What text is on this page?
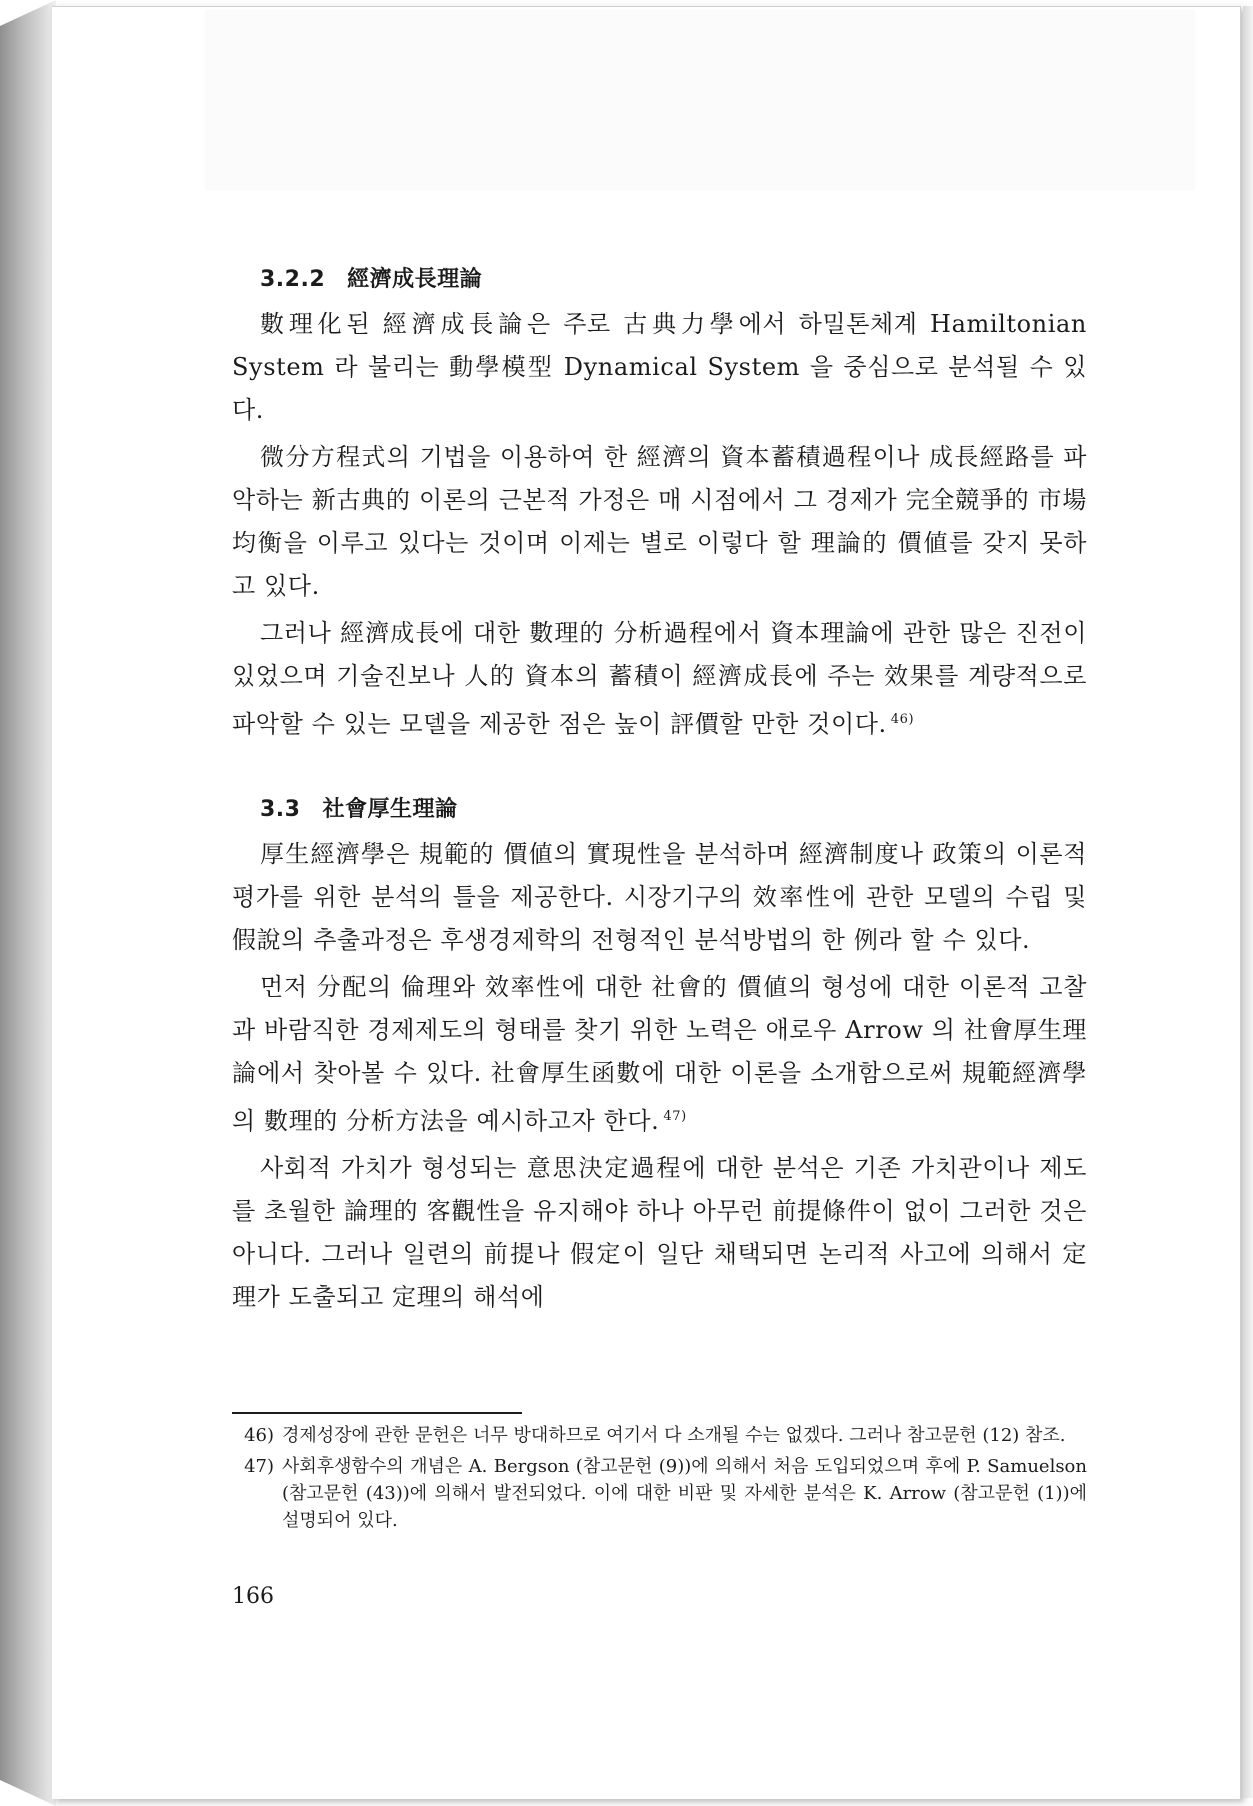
3.2.2 經濟成長理論

數理化된 經濟成長論은 주로 古典力學에서 하밀톤체계 Hamiltonian System 라 불리는 動學模型 Dynamical System 을 중심으로 분석될 수 있다.

微分方程式의 기법을 이용하여 한 經濟의 資本蓄積過程이나 成長經路를 파악하는 新古典的 이론의 근본적 가정은 매 시점에서 그 경제가 完全競爭的 市場均衡을 이루고 있다는 것이며 이제는 별로 이렇다 할 理論的 價値를 갖지 못하고 있다.

그러나 經濟成長에 대한 數理的 分析過程에서 資本理論에 관한 많은 진전이 있었으며 기술진보나 人的 資本의 蓄積이 經濟成長에 주는 效果를 계량적으로 파악할 수 있는 모델을 제공한 점은 높이 評價할 만한 것이다. $^{46)}$

3.3 社會厚生理論

厚生經濟學은 規範的 價値의 實現性을 분석하며 經濟制度나 政策의 이론적 평가를 위한 분석의 틀을 제공한다. 시장기구의 效率性에 관한 모델의 수립 및 假說의 추출과정은 후생경제학의 전형적인 분석방법의 한 例라 할 수 있다.

먼저 分配의 倫理와 效率性에 대한 社會的 價値의 형성에 대한 이론적 고찰과 바람직한 경제제도의 형태를 찾기 위한 노력은 애로우 Arrow 의 社會厚生理論에서 찾아볼 수 있다. 社會厚生函數에 대한 이론을 소개함으로써 規範經濟學의 數理的 分析方法을 예시하고자 한다. $^{47)}$

사회적 가치가 형성되는 意思決定過程에 대한 분석은 기존 가치관이나 제도를 초월한 論理的 客觀性을 유지해야 하나 아무런 前提條件이 없이 그러한 것은 아니다. 그러나 일련의 前提나 假定이 일단 채택되면 논리적 사고에 의해서 定理가 도출되고 定理의 해석에

46) 경제성장에 관한 문헌은 너무 방대하므로 여기서 다 소개될 수는 없겠다. 그러나 참고문헌 (12) 참조.
47) 사회후생함수의 개념은 A. Bergson (참고문헌 (9))에 의해서 처음 도입되었으며 후에 P. Samuelson (참고문헌 (43))에 의해서 발전되었다. 이에 대한 비판 및 자세한 분석은 K. Arrow (참고문헌 (1))에 설명되어 있다.
166
